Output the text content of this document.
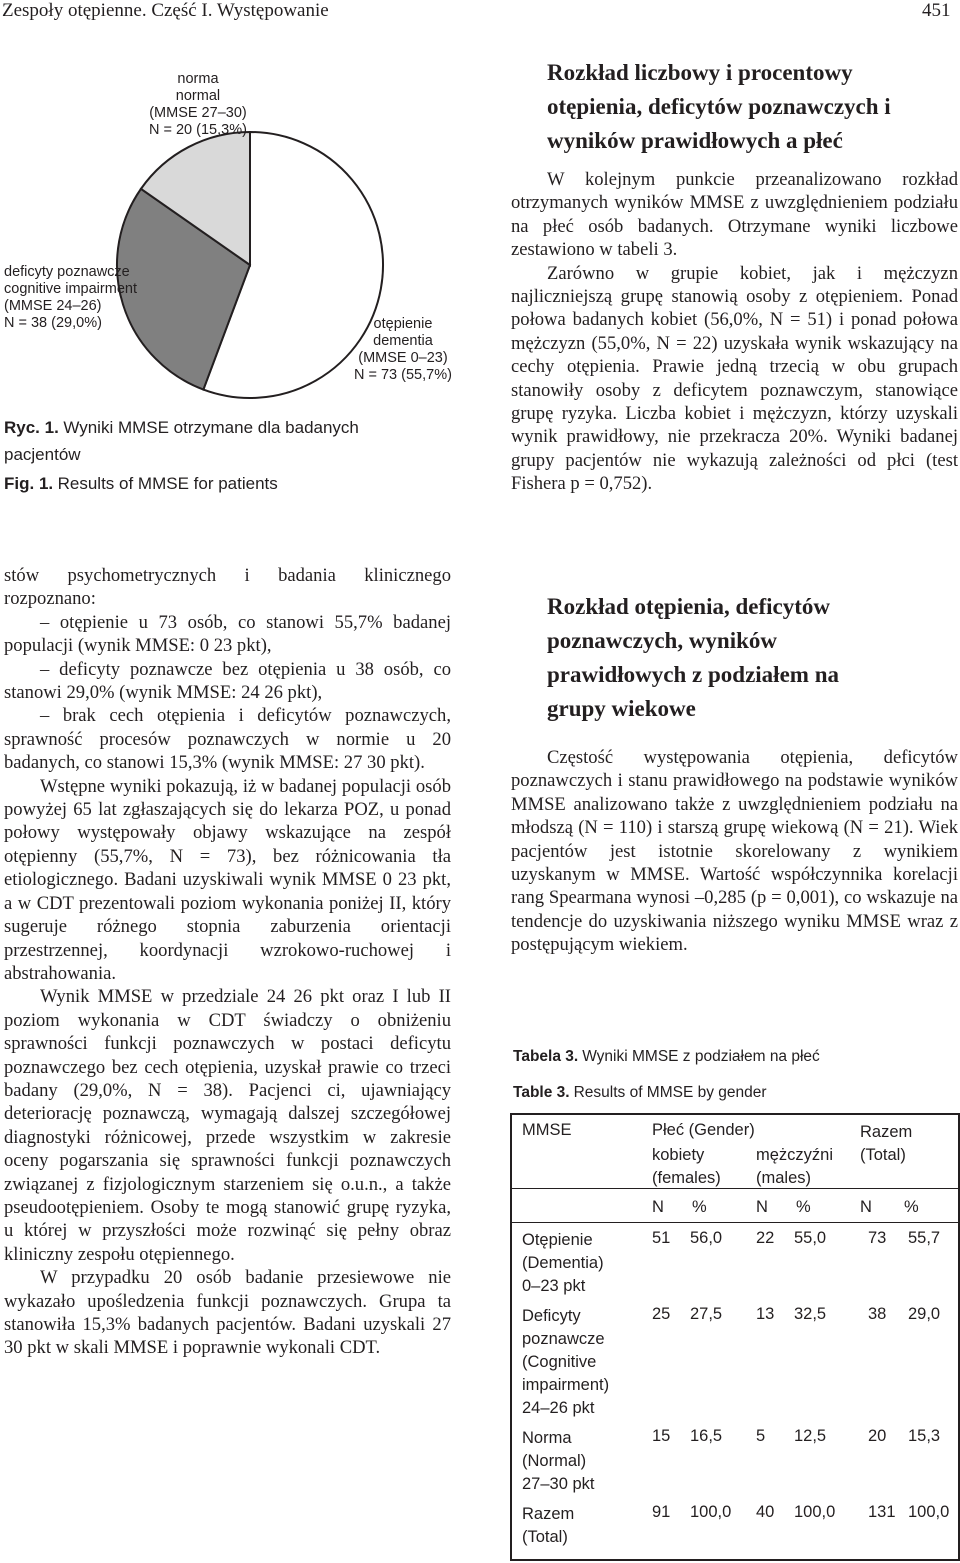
Zespoły otępienne. Część I. Występowanie	451
norma
normal
(MMSE 27–30)
N = 20 (15,3%)
deficyty poznawcze
cognitive impairment
(MMSE 24–26)
N = 38 (29,0%)	otępienie
dementia
(MMSE 0–23)
N = 73 (55,7%)
Ryc. 1. Wyniki MMSE otrzymane dla badanych pacjentów
Fig. 1. Results of MMSE for patients

stów psychometrycznych i badania klinicznego rozpoznano:

– otępienie u 73 osób, co stanowi 55,7% badanej populacji (wynik MMSE: 0 23 pkt),

– deficyty poznawcze bez otępienia u 38 osób, co stanowi 29,0% (wynik MMSE: 24 26 pkt),

– brak cech otępienia i deficytów poznawczych, sprawność procesów poznawczych w normie u 20 badanych, co stanowi 15,3% (wynik MMSE: 27 30 pkt).

Wstępne wyniki pokazują, iż w badanej populacji osób powyżej 65 lat zgłaszających się do lekarza POZ, u ponad połowy występowały objawy wskazujące na zespół otępienny (55,7%, N = 73), bez różnicowania tła etiologicznego. Badani uzyskiwali wynik MMSE 0 23 pkt, a w CDT prezentowali poziom wykonania poniżej II, który sugeruje różnego stopnia zaburzenia orientacji przestrzennej, koordynacji wzrokowo-ruchowej i abstrahowania.

Wynik MMSE w przedziale 24 26 pkt oraz I lub II poziom wykonania w CDT świadczy o obniżeniu sprawności funkcji poznawczych w postaci deficytu poznawczego bez cech otępienia, uzyskał prawie co trzeci badany (29,0%, N = 38). Pacjenci ci, ujawniający deteriorację poznawczą, wymagają dalszej szczegółowej diagnostyki różnicowej, przede wszystkim w zakresie oceny pogarszania się sprawności funkcji poznawczych związanej z fizjologicznym starzeniem się o.u.n., a także pseudootępieniem. Osoby te mogą stanowić grupę ryzyka, u której w przyszłości może rozwinąć się pełny obraz kliniczny zespołu otępiennego.

W przypadku 20 osób badanie przesiewowe nie wykazało upośledzenia funkcji poznawczych. Grupa ta stanowiła 15,3% badanych pacjentów. Badani uzyskali 27 30 pkt w skali MMSE i poprawnie wykonali CDT.

Rozkład liczbowy i procentowy otępienia, deficytów poznawczych i wyników prawidłowych a płeć

W kolejnym punkcie przeanalizowano rozkład otrzymanych wyników MMSE z uwzględnieniem podziału na płeć osób badanych. Otrzymane wyniki liczbowe zestawiono w tabeli 3.

Zarówno w grupie kobiet, jak i mężczyzn najliczniejszą grupę stanowią osoby z otępieniem. Ponad połowa badanych kobiet (56,0%, N = 51) i ponad połowa mężczyzn (55,0%, N = 22) uzyskała wynik wskazujący na cechy otępienia. Prawie jedną trzecią w obu grupach stanowiły osoby z deficytem poznawczym, stanowiące grupę ryzyka. Liczba kobiet i mężczyzn, którzy uzyskali wynik prawidłowy, nie przekracza 20%. Wyniki badanej grupy pacjentów nie wykazują zależności od płci (test Fishera p = 0,752).

Rozkład otępienia, deficytów poznawczych, wyników prawidłowych z podziałem na grupy wiekowe

Częstość występowania otępienia, deficytów poznawczych i stanu prawidłowego na podstawie wyników MMSE analizowano także z uwzględnieniem podziału na młodszą (N = 110) i starszą grupę wiekową (N = 21). Wiek pacjentów jest istotnie skorelowany z wynikiem uzyskanym w MMSE. Wartość współczynnika korelacji rang Spearmana wynosi –0,285 (p = 0,001), co wskazuje na tendencje do uzyskiwania niższego wyniku MMSE wraz z postępującym wiekiem.

Tabela 3. Wyniki MMSE z podziałem na płeć
Table 3. Results of MMSE by gender
MMSE	Płeć (Gender)	Razem
(Total)
kobiety
(females)
mężczyźni
(males)
N %	N %	N %
Otępienie
(Dementia)
0–23 pkt
51 56,0 22 55,0	73 55,7
Deficyty
poznawcze
(Cognitive
impairment)
24–26 pkt
25 27,5 13 32,5	38 29,0
Norma
(Normal)
27–30 pkt
15 16,5 5 12,5	20 15,3
Razem
(Total)
91 100,0 40 100,0 131 100,0
